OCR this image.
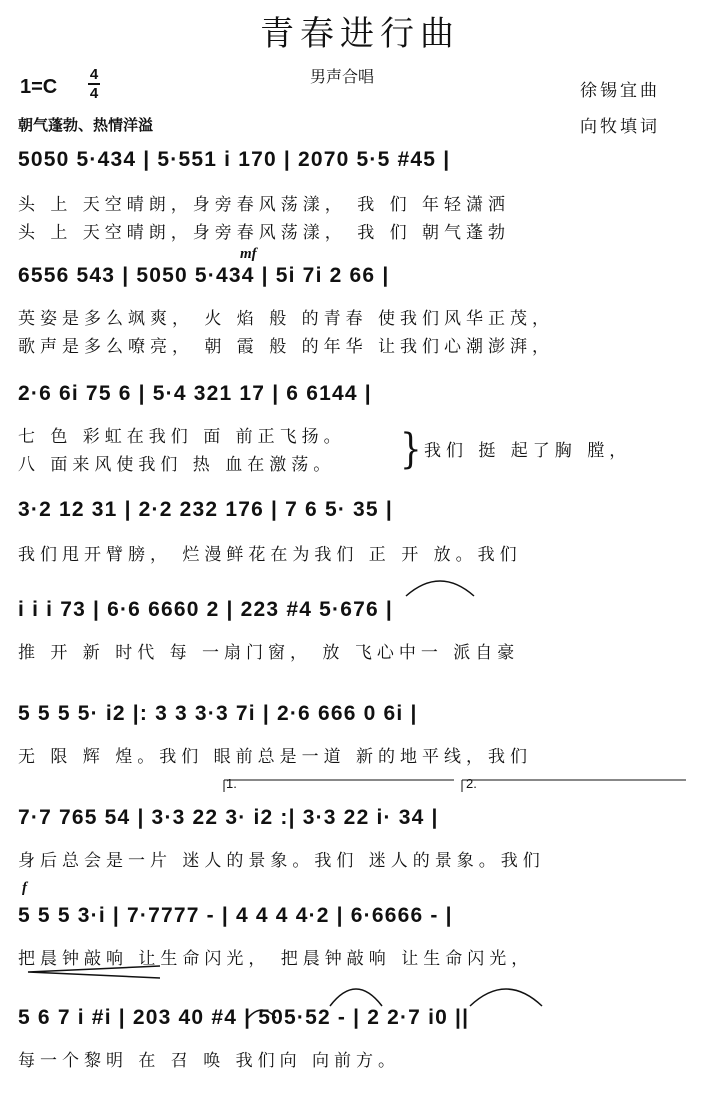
青春进行曲
男声合唱
1=C
4
4
朝气蓬勃、热情洋溢
徐锡宜曲
向牧填词
5050 5·434 | 5·551 i 170 | 2070 5·5 #45 |
头 上 天空晴朗，身旁春风荡漾， 我 们 年轻潇洒
头 上 天空晴朗，身旁春风荡漾， 我 们 朝气蓬勃
mf
6556 543 | 5050 5·434 | 5i 7i 2 66 |
英姿是多么飒爽， 火 焰 般 的青春 使我们风华正茂，
歌声是多么嘹亮， 朝 霞 般 的年华 让我们心潮澎湃，
2·6 6i 75 6 | 5·4 321 17 | 6 6144 |
七 色 彩虹在我们 面 前正飞扬。
八 面来风使我们 热 血在激荡。	} 我们 挺 起了胸 膛，
3·2 12 31 | 2·2 232 176 | 7 6 5· 35 |
我们甩开臂膀， 烂漫鲜花在为我们 正 开 放。我们
i i i 73 | 6·6 6660 2 | 223 #4 5·676 |
推 开 新 时代 每 一扇门窗， 放 飞心中一 派自豪
5 5 5 5· i2 |: 3 3 3·3 7i | 2·6 666 0 6i |
无 限 辉 煌。我们 眼前总是一道 新的地平线，我们
1.	2.
7·7 765 54 | 3·3 22 3· i2 :| 3·3 22 i· 34 |
身后总会是一片 迷人的景象。我们 迷人的景象。我们
f
5 5 5 3·i | 7·7777 - | 4 4 4 4·2 | 6·6666 - |
把晨钟敲响 让生命闪光， 把晨钟敲响 让生命闪光，
5 6 7 i #i | 203 40 #4 | 505·52 - | 2 2·7 i0 ||
每一个黎明 在 召 唤 我们向 向前方。
